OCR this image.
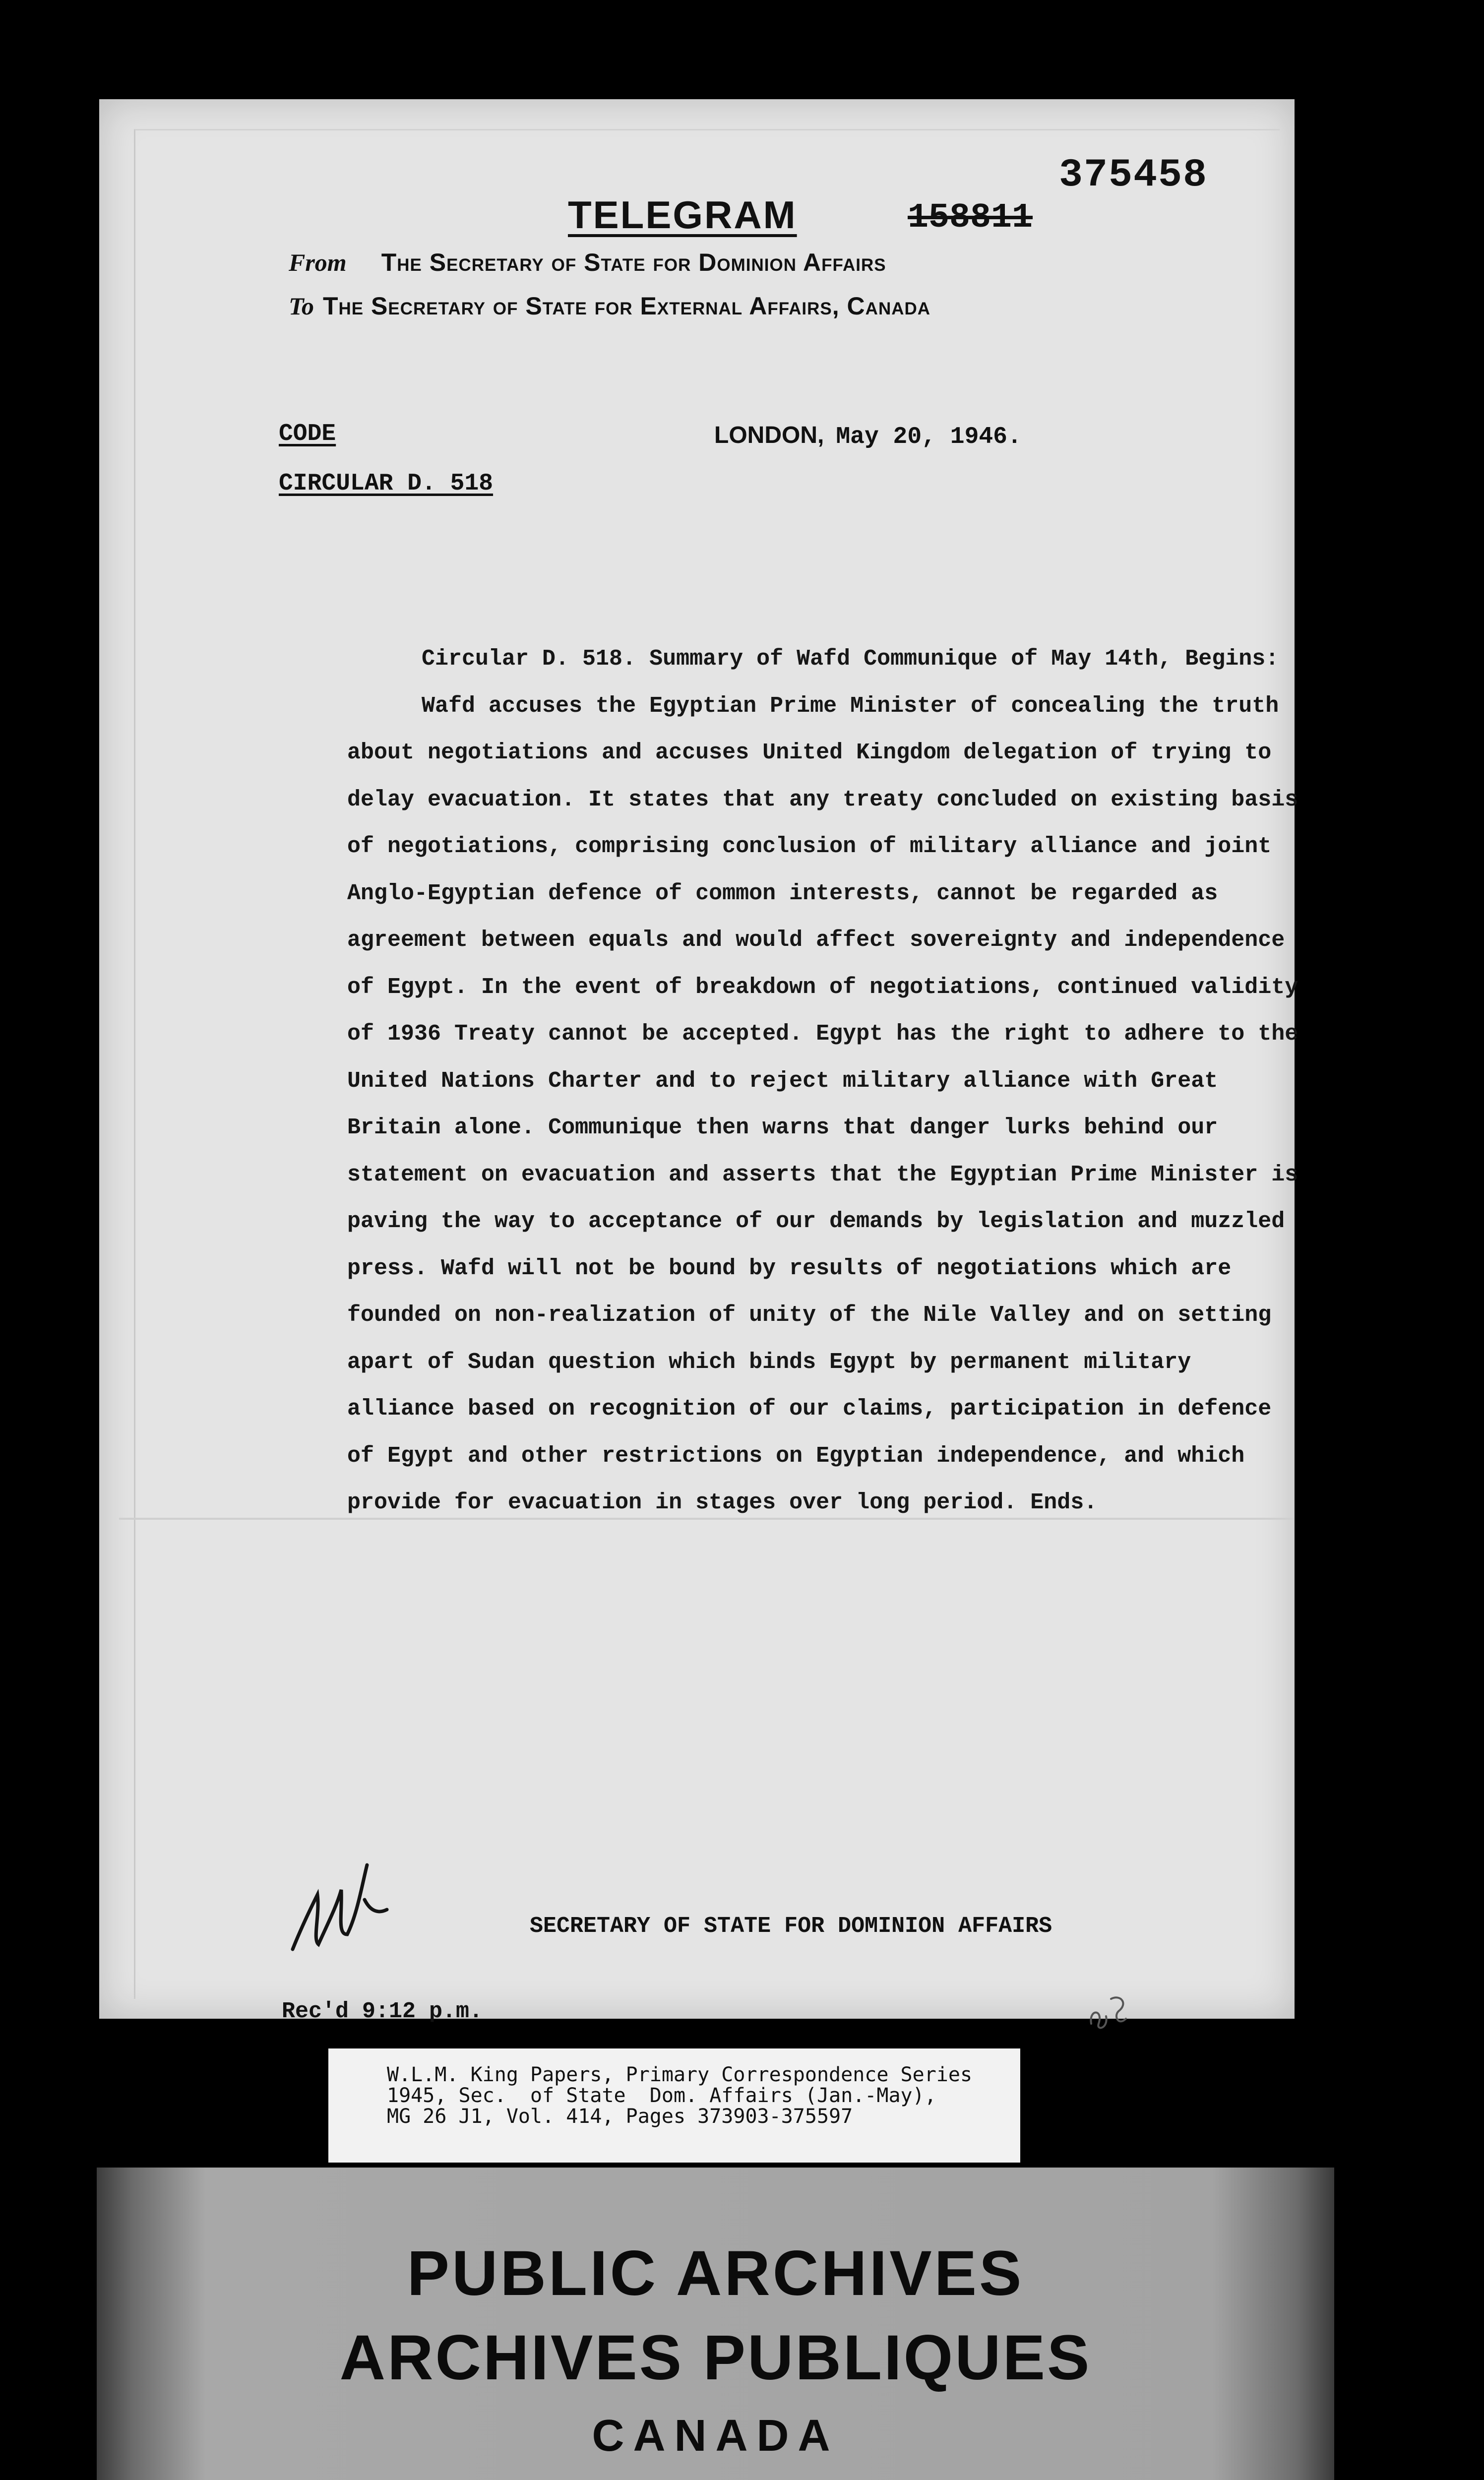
375458
TELEGRAM	158811
From The Secretary of State for Dominion Affairs
To The Secretary of State for External Affairs, Canada
CODE
CIRCULAR D. 518
LONDON, May 20, 1946.

Circular D. 518. Summary of Wafd Communique of May 14th, Begins:

Wafd accuses the Egyptian Prime Minister of concealing the truth about negotiations and accuses United Kingdom delegation of trying to delay evacuation. It states that any treaty concluded on existing basis of negotiations, comprising conclusion of military alliance and joint Anglo-Egyptian defence of common interests, cannot be regarded as agreement between equals and would affect sovereignty and independence of Egypt. In the event of breakdown of negotiations, continued validity of 1936 Treaty cannot be accepted. Egypt has the right to adhere to the United Nations Charter and to reject military alliance with Great Britain alone. Communique then warns that danger lurks behind our statement on evacuation and asserts that the Egyptian Prime Minister is paving the way to acceptance of our demands by legislation and muzzled press. Wafd will not be bound by results of negotiations which are founded on non-realization of unity of the Nile Valley and on setting apart of Sudan question which binds Egypt by permanent military alliance based on recognition of our claims, participation in defence of Egypt and other restrictions on Egyptian independence, and which provide for evacuation in stages over long period. Ends.

SECRETARY OF STATE FOR DOMINION AFFAIRS
Rec'd 9:12 p.m.
W.L.M. King Papers, Primary Correspondence Series
1945, Sec.  of State  Dom. Affairs (Jan.-May),
MG 26 J1, Vol. 414, Pages 373903-375597
PUBLIC ARCHIVES
ARCHIVES PUBLIQUES
CANADA
